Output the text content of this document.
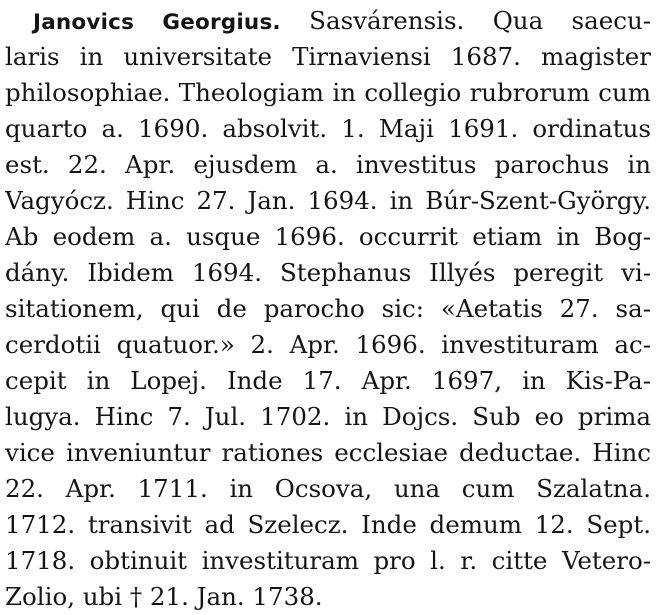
Janovics Georgius. Sasvárensis. Qua saecu-
laris in universitate Tirnaviensi 1687. magister
philosophiae. Theologiam in collegio rubrorum cum
quarto a. 1690. absolvit. 1. Maji 1691. ordinatus
est. 22. Apr. ejusdem a. investitus parochus in
Vagyócz. Hinc 27. Jan. 1694. in Búr-Szent-György.
Ab eodem a. usque 1696. occurrit etiam in Bog-
dány. Ibidem 1694. Stephanus Illyés peregit vi-
sitationem, qui de parocho sic: «Aetatis 27. sa-
cerdotii quatuor.» 2. Apr. 1696. investituram ac-
cepit in Lopej. Inde 17. Apr. 1697, in Kis-Pa-
lugya. Hinc 7. Jul. 1702. in Dojcs. Sub eo prima
vice inveniuntur rationes ecclesiae deductae. Hinc
22. Apr. 1711. in Ocsova, una cum Szalatna.
1712. transivit ad Szelecz. Inde demum 12. Sept.
1718. obtinuit investituram pro l. r. citte Vetero-
Zolio, ubi † 21. Jan. 1738.
